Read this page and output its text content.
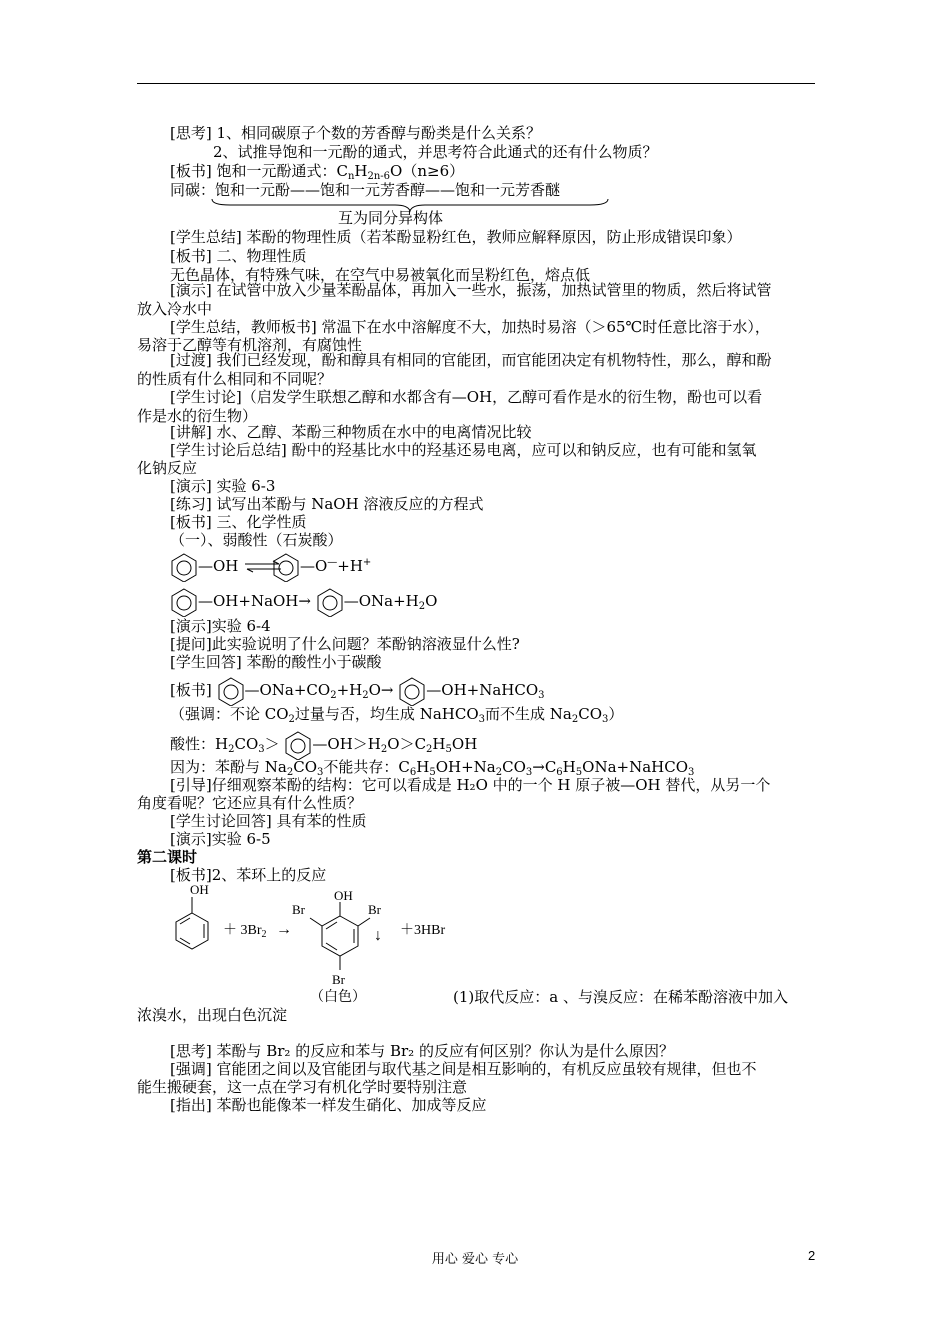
[思考] 1、相同碳原子个数的芳香醇与酚类是什么关系？
2、试推导饱和一元酚的通式，并思考符合此通式的还有什么物质？
[板书] 饱和一元酚通式：$C_nH_{2n-6}O(n\ge 6)$
同碳：饱和一元酚——饱和一元芳香醇——饱和一元芳香醚
互为同分异构体
[学生总结] 苯酚的物理性质（若苯酚显粉红色，教师应解释原因，防止形成错误印象）
[板书] 二、物理性质
无色晶体，有特殊气味，在空气中易被氧化而呈粉红色，熔点低
[演示] 在试管中放入少量苯酚晶体，再加入一些水，振荡，加热试管里的物质，然后将试管
放入冷水中
[学生总结，教师板书] 常温下在水中溶解度不大，加热时易溶（＞65℃时任意比溶于水），
易溶于乙醇等有机溶剂，有腐蚀性
[过渡] 我们已经发现，酚和醇具有相同的官能团，而官能团决定有机物特性，那么，醇和酚
的性质有什么相同和不同呢？
[学生讨论]（启发学生联想乙醇和水都含有—OH，乙醇可看作是水的衍生物，酚也可以看
作是水的衍生物）
[讲解] 水、乙醇、苯酚三种物质在水中的电离情况比较
[学生讨论后总结] 酚中的羟基比水中的羟基还易电离，应可以和钠反应，也有可能和氢氧
化钠反应
[演示] 实验 6-3
[练习] 试写出苯酚与 NaOH 溶液反应的方程式
[板书] 三、化学性质
（一）、弱酸性（石炭酸）
—OH ⇌ —O—+H+
—OH+NaOH→ $—ONa+H_2O$
[演示]实验 6-4
[提问]此实验说明了什么问题？苯酚钠溶液显什么性?
[学生回答] 苯酚的酸性小于碳酸
[板书] $—ONa+CO_2+H_2O\to$ —OH+NaHCO$_3$
（强调：不论 $CO_2$过量与否，均生成 NaHCO$_3$而不生成 $Na_2CO_3$）
酸性：$H_2CO_3>$ $—OH>H_2O>C_2H_5OH$
因为：苯酚与 $Na_2CO_3$不能共存：$C_6H_5OH+Na_2CO_3\to C_6H_5ONa+NaHCO_3$
[引导]仔细观察苯酚的结构：它可以看成是 H₂O 中的一个 H 原子被—OH 替代，从另一个
角度看呢？它还应具有什么性质？
[学生讨论回答] 具有苯的性质
[演示]实验 6-5
第二课时
[板书]2、苯环上的反应
OH
＋ $3Br_2$ →
OH
Br	Br
Br
↓ ＋3HBr
（白色）	(1)取代反应：a 、与溴反应：在稀苯酚溶液中加入
浓溴水，出现白色沉淀
[思考] 苯酚与 Br₂ 的反应和苯与 Br₂ 的反应有何区别？你认为是什么原因？
[强调] 官能团之间以及官能团与取代基之间是相互影响的，有机反应虽较有规律，但也不
能生搬硬套，这一点在学习有机化学时要特别注意
[指出] 苯酚也能像苯一样发生硝化、加成等反应
用心 爱心 专心	2
